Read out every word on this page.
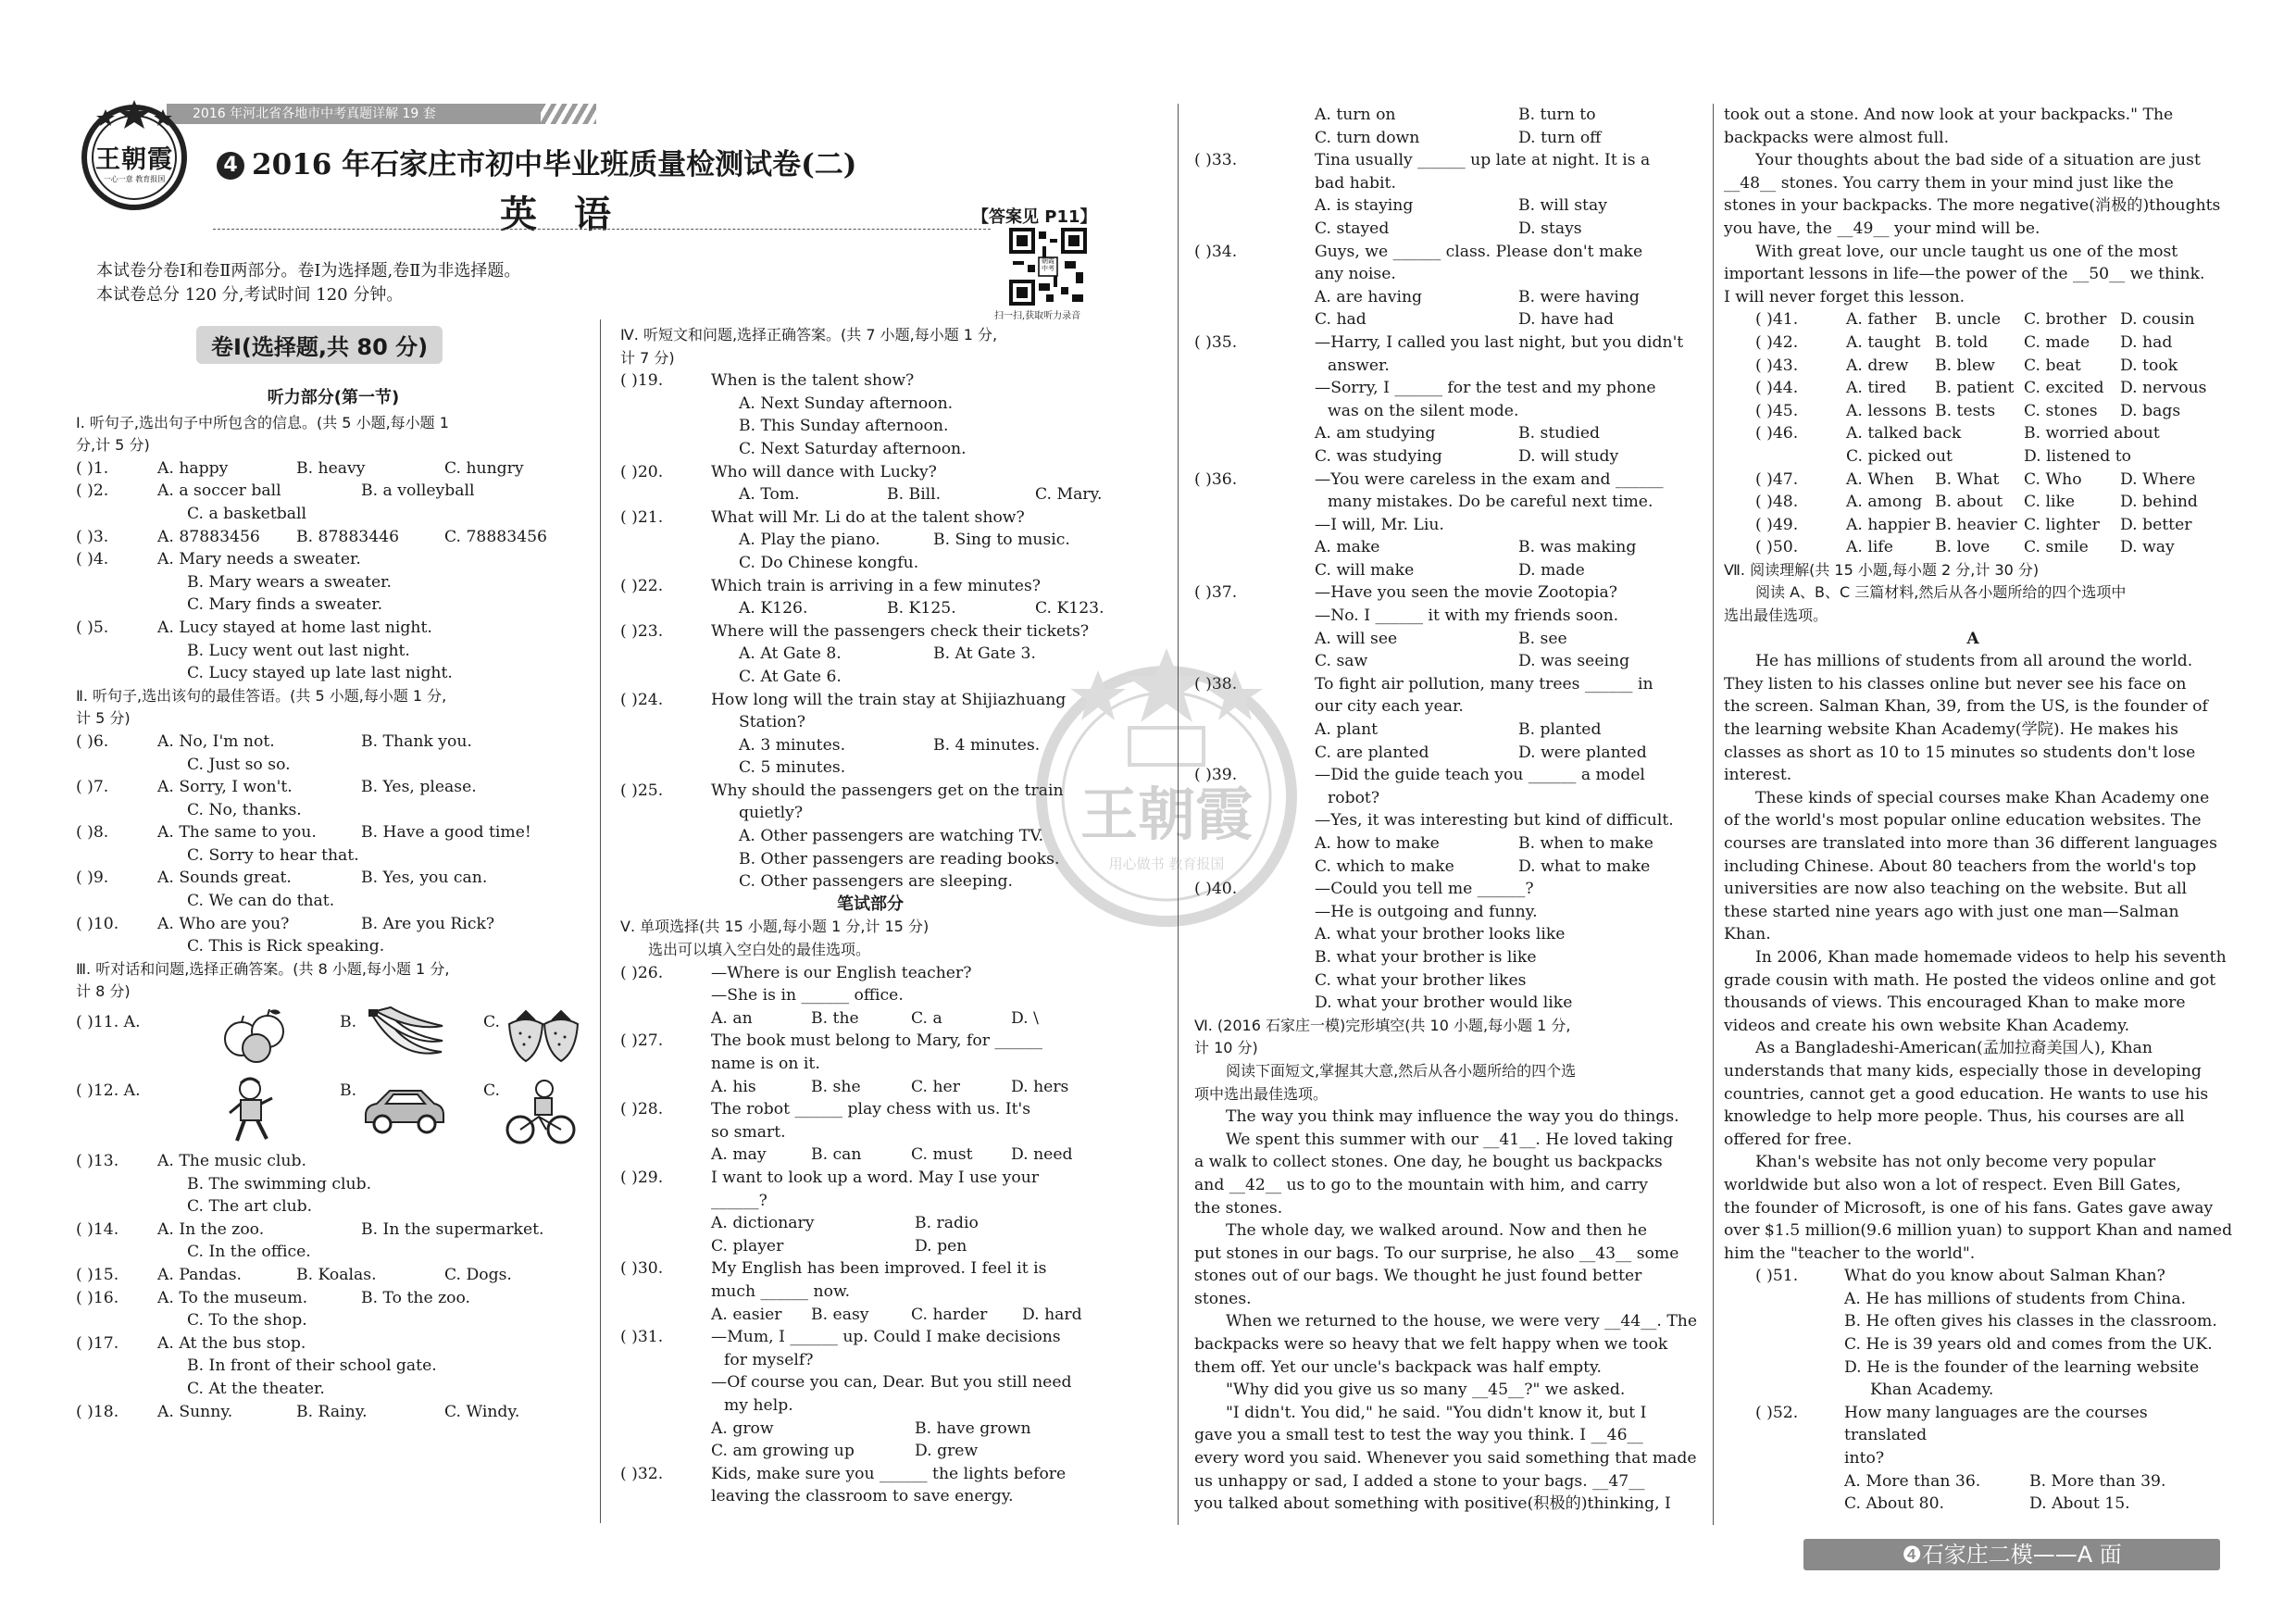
2016 年河北省各地市中考真题详解 19 套
王朝霞
一心一意 教育报国
4 2016 年石家庄市初中毕业班质量检测试卷(二)
英　语	【答案见 P11】
朝霞中考
扫一扫,获取听力录音
本试卷分卷Ⅰ和卷Ⅱ两部分。卷Ⅰ为选择题,卷Ⅱ为非选择题。
本试卷总分 120 分,考试时间 120 分钟。
卷Ⅰ(选择题,共 80 分)
听力部分(第一节)
Ⅰ. 听句子,选出句子中所包含的信息。(共 5 小题,每小题 1
分,计 5 分)
( )1.	A. happy	B. heavy	C. hungry
( )2.	A. a soccer ball	B. a volleyball
C. a basketball
( )3.	A. 87883456	B. 87883446	C. 78883456
( )4.	A. Mary needs a sweater.
B. Mary wears a sweater.
C. Mary finds a sweater.
( )5.	A. Lucy stayed at home last night.
B. Lucy went out last night.
C. Lucy stayed up late last night.
Ⅱ. 听句子,选出该句的最佳答语。(共 5 小题,每小题 1 分,
计 5 分)
( )6.	A. No, I'm not.	B. Thank you.
C. Just so so.
( )7.	A. Sorry, I won't.	B. Yes, please.
C. No, thanks.
( )8.	A. The same to you.	B. Have a good time!
C. Sorry to hear that.
( )9.	A. Sounds great.	B. Yes, you can.
C. We can do that.
( )10.	A. Who are you?	B. Are you Rick?
C. This is Rick speaking.
Ⅲ. 听对话和问题,选择正确答案。(共 8 小题,每小题 1 分,
计 8 分)
( )11. A.	B.	C.
( )12. A.	B.	C.
( )13.	A. The music club.
B. The swimming club.
C. The art club.
( )14.	A. In the zoo.	B. In the supermarket.
C. In the office.
( )15.	A. Pandas.	B. Koalas.	C. Dogs.
( )16.	A. To the museum.	B. To the zoo.
C. To the shop.
( )17.	A. At the bus stop.
B. In front of their school gate.
C. At the theater.
( )18.	A. Sunny.	B. Rainy.	C. Windy.
Ⅳ. 听短文和问题,选择正确答案。(共 7 小题,每小题 1 分,
计 7 分)
( )19.	When is the talent show?
A. Next Sunday afternoon.
B. This Sunday afternoon.
C. Next Saturday afternoon.
( )20.	Who will dance with Lucky?
A. Tom.	B. Bill.	C. Mary.
( )21.	What will Mr. Li do at the talent show?
A. Play the piano.	B. Sing to music.
C. Do Chinese kongfu.
( )22.	Which train is arriving in a few minutes?
A. K126.	B. K125.	C. K123.
( )23.	Where will the passengers check their tickets?
A. At Gate 8.	B. At Gate 3.
C. At Gate 6.
( )24.	How long will the train stay at Shijiazhuang
Station?
A. 3 minutes.	B. 4 minutes.
C. 5 minutes.
( )25.	Why should the passengers get on the train
quietly?
A. Other passengers are watching TV.
B. Other passengers are reading books.
C. Other passengers are sleeping.
笔试部分
Ⅴ. 单项选择(共 15 小题,每小题 1 分,计 15 分)
选出可以填入空白处的最佳选项。
( )26.	—Where is our English teacher?
—She is in ______ office.
A. an	B. the	C. a	D. \
( )27.	The book must belong to Mary, for ______
name is on it.
A. his	B. she	C. her	D. hers
( )28.	The robot ______ play chess with us. It's
so smart.
A. may	B. can	C. must	D. need
( )29.	I want to look up a word. May I use your
______?
A. dictionary	B. radio
C. player	D. pen
( )30.	My English has been improved. I feel it is
much ______ now.
A. easier	B. easy	C. harder	D. hard
( )31.	—Mum, I ______ up. Could I make decisions
for myself?
—Of course you can, Dear. But you still need
my help.
A. grow	B. have grown
C. am growing up	D. grew
( )32.	Kids, make sure you ______ the lights before
leaving the classroom to save energy.
A. turn on	B. turn to
C. turn down	D. turn off
( )33.	Tina usually ______ up late at night. It is a
bad habit.
A. is staying	B. will stay
C. stayed	D. stays
( )34.	Guys, we ______ class. Please don't make
any noise.
A. are having	B. were having
C. had	D. have had
( )35.	—Harry, I called you last night, but you didn't
answer.
—Sorry, I ______ for the test and my phone
was on the silent mode.
A. am studying	B. studied
C. was studying	D. will study
( )36.	—You were careless in the exam and ______
many mistakes. Do be careful next time.
—I will, Mr. Liu.
A. make	B. was making
C. will make	D. made
( )37.	—Have you seen the movie Zootopia?
—No. I ______ it with my friends soon.
A. will see	B. see
C. saw	D. was seeing
( )38.	To fight air pollution, many trees ______ in
our city each year.
A. plant	B. planted
C. are planted	D. were planted
( )39.	—Did the guide teach you ______ a model
robot?
—Yes, it was interesting but kind of difficult.
A. how to make	B. when to make
C. which to make	D. what to make
( )40.	—Could you tell me ______?
—He is outgoing and funny.
A. what your brother looks like
B. what your brother is like
C. what your brother likes
D. what your brother would like
Ⅵ. (2016 石家庄一模)完形填空(共 10 小题,每小题 1 分,
计 10 分)
阅读下面短文,掌握其大意,然后从各小题所给的四个选
项中选出最佳选项。
The way you think may influence the way you do things.
We spent this summer with our __41__. He loved taking
a walk to collect stones. One day, he bought us backpacks
and __42__ us to go to the mountain with him, and carry
the stones.
The whole day, we walked around. Now and then he
put stones in our bags. To our surprise, he also __43__ some
stones out of our bags. We thought he just found better
stones.
When we returned to the house, we were very __44__. The
backpacks were so heavy that we felt happy when we took
them off. Yet our uncle's backpack was half empty.
"Why did you give us so many __45__?" we asked.
"I didn't. You did," he said. "You didn't know it, but I
gave you a small test to test the way you think. I __46__
every word you said. Whenever you said something that made
us unhappy or sad, I added a stone to your bags. __47__
you talked about something with positive(积极的)thinking, I
took out a stone. And now look at your backpacks." The
backpacks were almost full.
Your thoughts about the bad side of a situation are just
__48__ stones. You carry them in your mind just like the
stones in your backpacks. The more negative(消极的)thoughts
you have, the __49__ your mind will be.
With great love, our uncle taught us one of the most
important lessons in life—the power of the __50__ we think.
I will never forget this lesson.
( )41.	A. father	B. uncle	C. brother D. cousin
( )42.	A. taught B. told	C. made	D. had
( )43.	A. drew	B. blew	C. beat	D. took
( )44.	A. tired	B. patient C. excited	D. nervous
( )45.	A. lessons B. tests	C. stones	D. bags
( )46.	A. talked back	B. worried about
C. picked out	D. listened to
( )47.	A. When	B. What	C. Who	D. Where
( )48.	A. among B. about	C. like	D. behind
( )49.	A. happier B. heavier C. lighter	D. better
( )50.	A. life	B. love	C. smile	D. way
Ⅶ. 阅读理解(共 15 小题,每小题 2 分,计 30 分)
阅读 A、B、C 三篇材料,然后从各小题所给的四个选项中
选出最佳选项。
A
He has millions of students from all around the world.
They listen to his classes online but never see his face on
the screen. Salman Khan, 39, from the US, is the founder of
the learning website Khan Academy(学院). He makes his
classes as short as 10 to 15 minutes so students don't lose
interest.
These kinds of special courses make Khan Academy one
of the world's most popular online education websites. The
courses are translated into more than 36 different languages
including Chinese. About 80 teachers from the world's top
universities are now also teaching on the website. But all
these started nine years ago with just one man—Salman
Khan.
In 2006, Khan made homemade videos to help his seventh
grade cousin with math. He posted the videos online and got
thousands of views. This encouraged Khan to make more
videos and create his own website Khan Academy.
As a Bangladeshi-American(孟加拉裔美国人), Khan
understands that many kids, especially those in developing
countries, cannot get a good education. He wants to use his
knowledge to help more people. Thus, his courses are all
offered for free.
Khan's website has not only become very popular
worldwide but also won a lot of respect. Even Bill Gates,
the founder of Microsoft, is one of his fans. Gates gave away
over $1.5 million(9.6 million yuan) to support Khan and named
him the "teacher to the world".
( )51.	What do you know about Salman Khan?
A. He has millions of students from China.
B. He often gives his classes in the classroom.
C. He is 39 years old and comes from the UK.
D. He is the founder of the learning website
Khan Academy.
( )52.	How many languages are the courses translated
into?
A. More than 36.	B. More than 39.
C. About 80.	D. About 15.
王朝霞
用心做书 教育报国
❹石家庄二模——A 面
